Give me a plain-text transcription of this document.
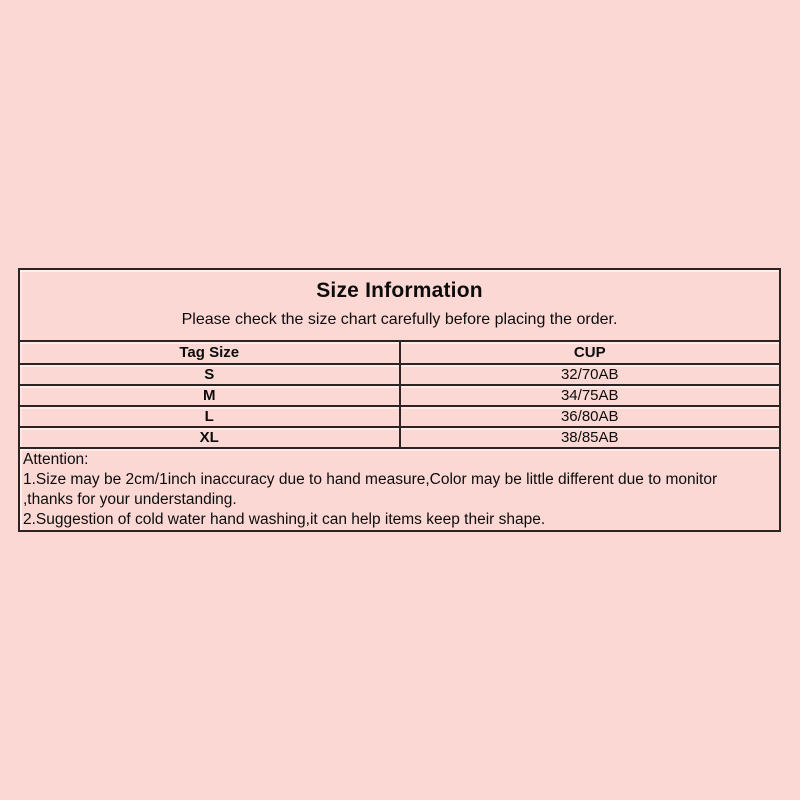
Size Information
Please check the size chart carefully before placing the order.
Tag Size	CUP
S	32/70AB
M	34/75AB
L	36/80AB
XL	38/85AB
Attention:
1.Size may be 2cm/1inch inaccuracy due to hand measure,Color may be little different due to monitor
,thanks for your understanding.
2.Suggestion of cold water hand washing,it can help items keep their shape.
